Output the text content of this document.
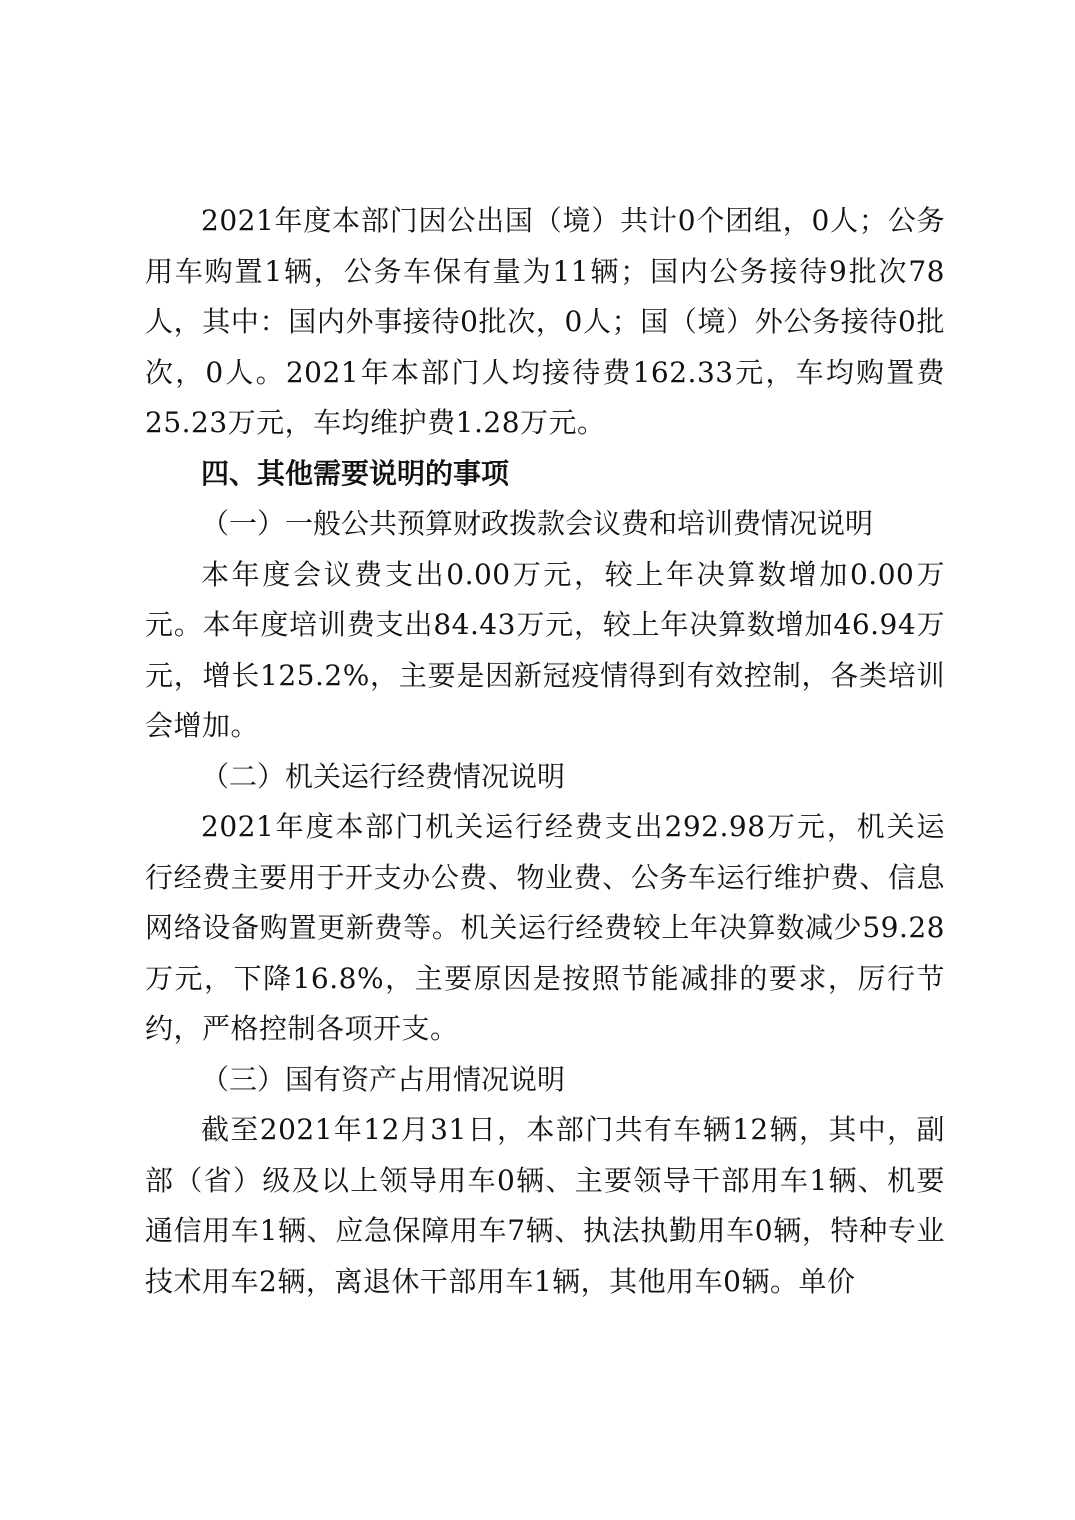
2021年度本部门因公出国（境）共计0个团组，0人；公务用车购置1辆，公务车保有量为11辆；国内公务接待9批次78人，其中：国内外事接待0批次，0人；国（境）外公务接待0批次，0人。2021年本部门人均接待费162.33元，车均购置费25.23万元，车均维护费1.28万元。

四、其他需要说明的事项

（一）一般公共预算财政拨款会议费和培训费情况说明

本年度会议费支出0.00万元，较上年决算数增加0.00万元。本年度培训费支出84.43万元，较上年决算数增加46.94万元，增长125.2%，主要是因新冠疫情得到有效控制，各类培训会增加。

（二）机关运行经费情况说明

2021年度本部门机关运行经费支出292.98万元，机关运行经费主要用于开支办公费、物业费、公务车运行维护费、信息网络设备购置更新费等。机关运行经费较上年决算数减少59.28万元，下降16.8%，主要原因是按照节能减排的要求，厉行节约，严格控制各项开支。

（三）国有资产占用情况说明

截至2021年12月31日，本部门共有车辆12辆，其中，副部（省）级及以上领导用车0辆、主要领导干部用车1辆、机要通信用车1辆、应急保障用车7辆、执法执勤用车0辆，特种专业技术用车2辆，离退休干部用车1辆，其他用车0辆。单价
